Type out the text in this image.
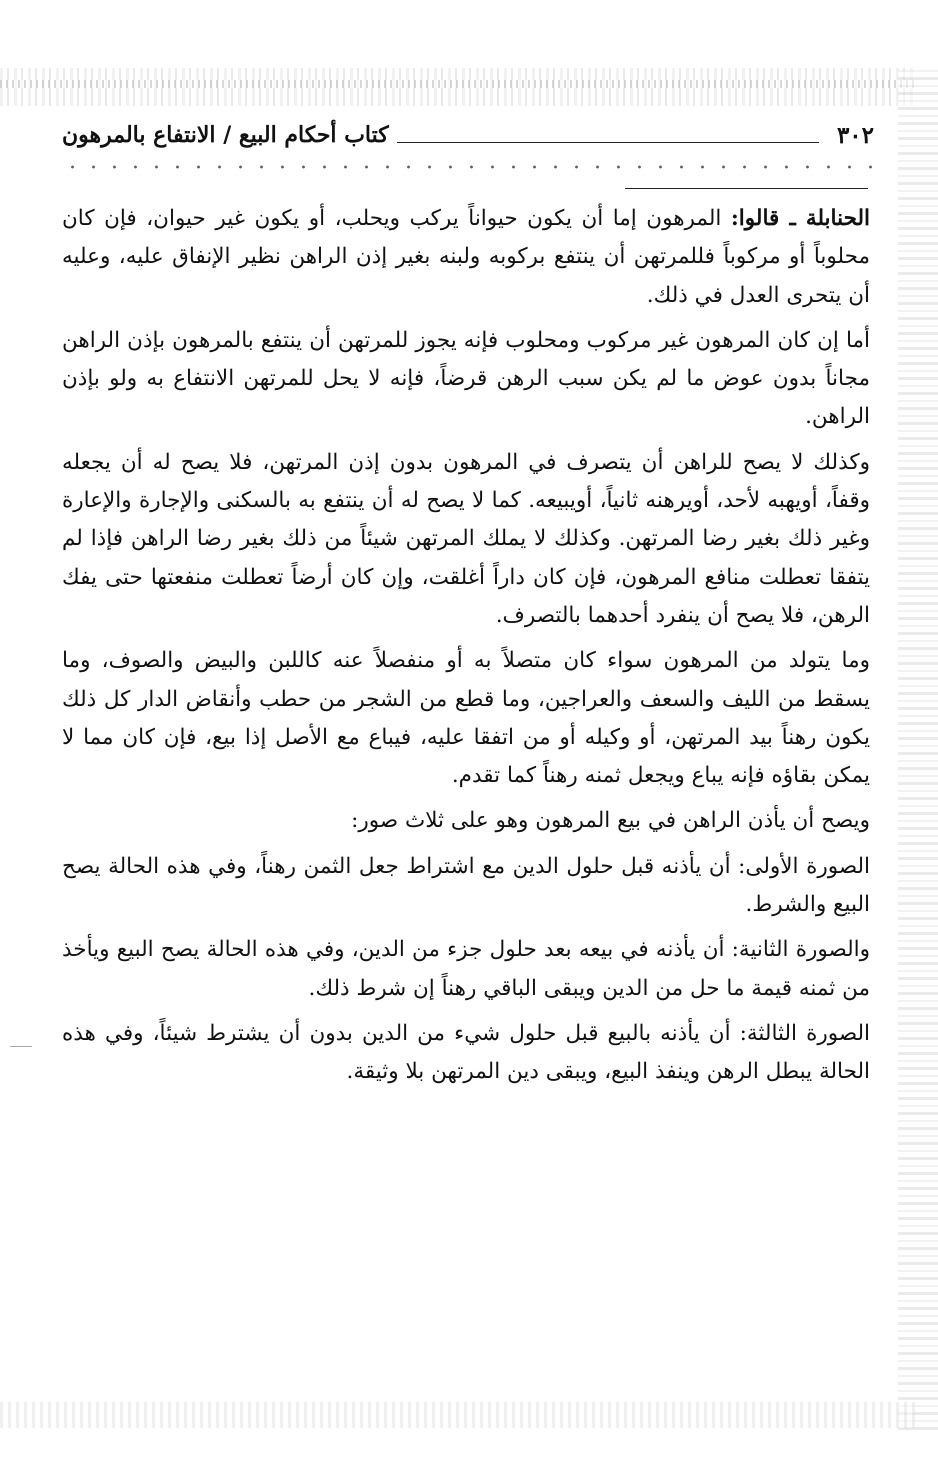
٣٠٢
كتاب أحكام البيع / الانتفاع بالمرهون

الحنابلة ـ قالوا: المرهون إما أن يكون حيواناً يركب ويحلب، أو يكون غير حيوان، فإن كان محلوباً أو مركوباً فللمرتهن أن ينتفع بركوبه ولبنه بغير إذن الراهن نظير الإنفاق عليه، وعليه أن يتحرى العدل في ذلك.

أما إن كان المرهون غير مركوب ومحلوب فإنه يجوز للمرتهن أن ينتفع بالمرهون بإذن الراهن مجاناً بدون عوض ما لم يكن سبب الرهن قرضاً، فإنه لا يحل للمرتهن الانتفاع به ولو بإذن الراهن.

وكذلك لا يصح للراهن أن يتصرف في المرهون بدون إذن المرتهن، فلا يصح له أن يجعله وقفاً، أويهبه لأحد، أويرهنه ثانياً، أويبيعه. كما لا يصح له أن ينتفع به بالسكنى والإجارة والإعارة وغير ذلك بغير رضا المرتهن. وكذلك لا يملك المرتهن شيئاً من ذلك بغير رضا الراهن فإذا لم يتفقا تعطلت منافع المرهون، فإن كان داراً أغلقت، وإن كان أرضاً تعطلت منفعتها حتى يفك الرهن، فلا يصح أن ينفرد أحدهما بالتصرف.

وما يتولد من المرهون سواء كان متصلاً به أو منفصلاً عنه كاللبن والبيض والصوف، وما يسقط من الليف والسعف والعراجين، وما قطع من الشجر من حطب وأنقاض الدار كل ذلك يكون رهناً بيد المرتهن، أو وكيله أو من اتفقا عليه، فيباع مع الأصل إذا بيع، فإن كان مما لا يمكن بقاؤه فإنه يباع ويجعل ثمنه رهناً كما تقدم.

ويصح أن يأذن الراهن في بيع المرهون وهو على ثلاث صور:

الصورة الأولى: أن يأذنه قبل حلول الدين مع اشتراط جعل الثمن رهناً، وفي هذه الحالة يصح البيع والشرط.

والصورة الثانية: أن يأذنه في بيعه بعد حلول جزء من الدين، وفي هذه الحالة يصح البيع ويأخذ من ثمنه قيمة ما حل من الدين ويبقى الباقي رهناً إن شرط ذلك.

الصورة الثالثة: أن يأذنه بالبيع قبل حلول شيء من الدين بدون أن يشترط شيئاً، وفي هذه الحالة يبطل الرهن وينفذ البيع، ويبقى دين المرتهن بلا وثيقة.
